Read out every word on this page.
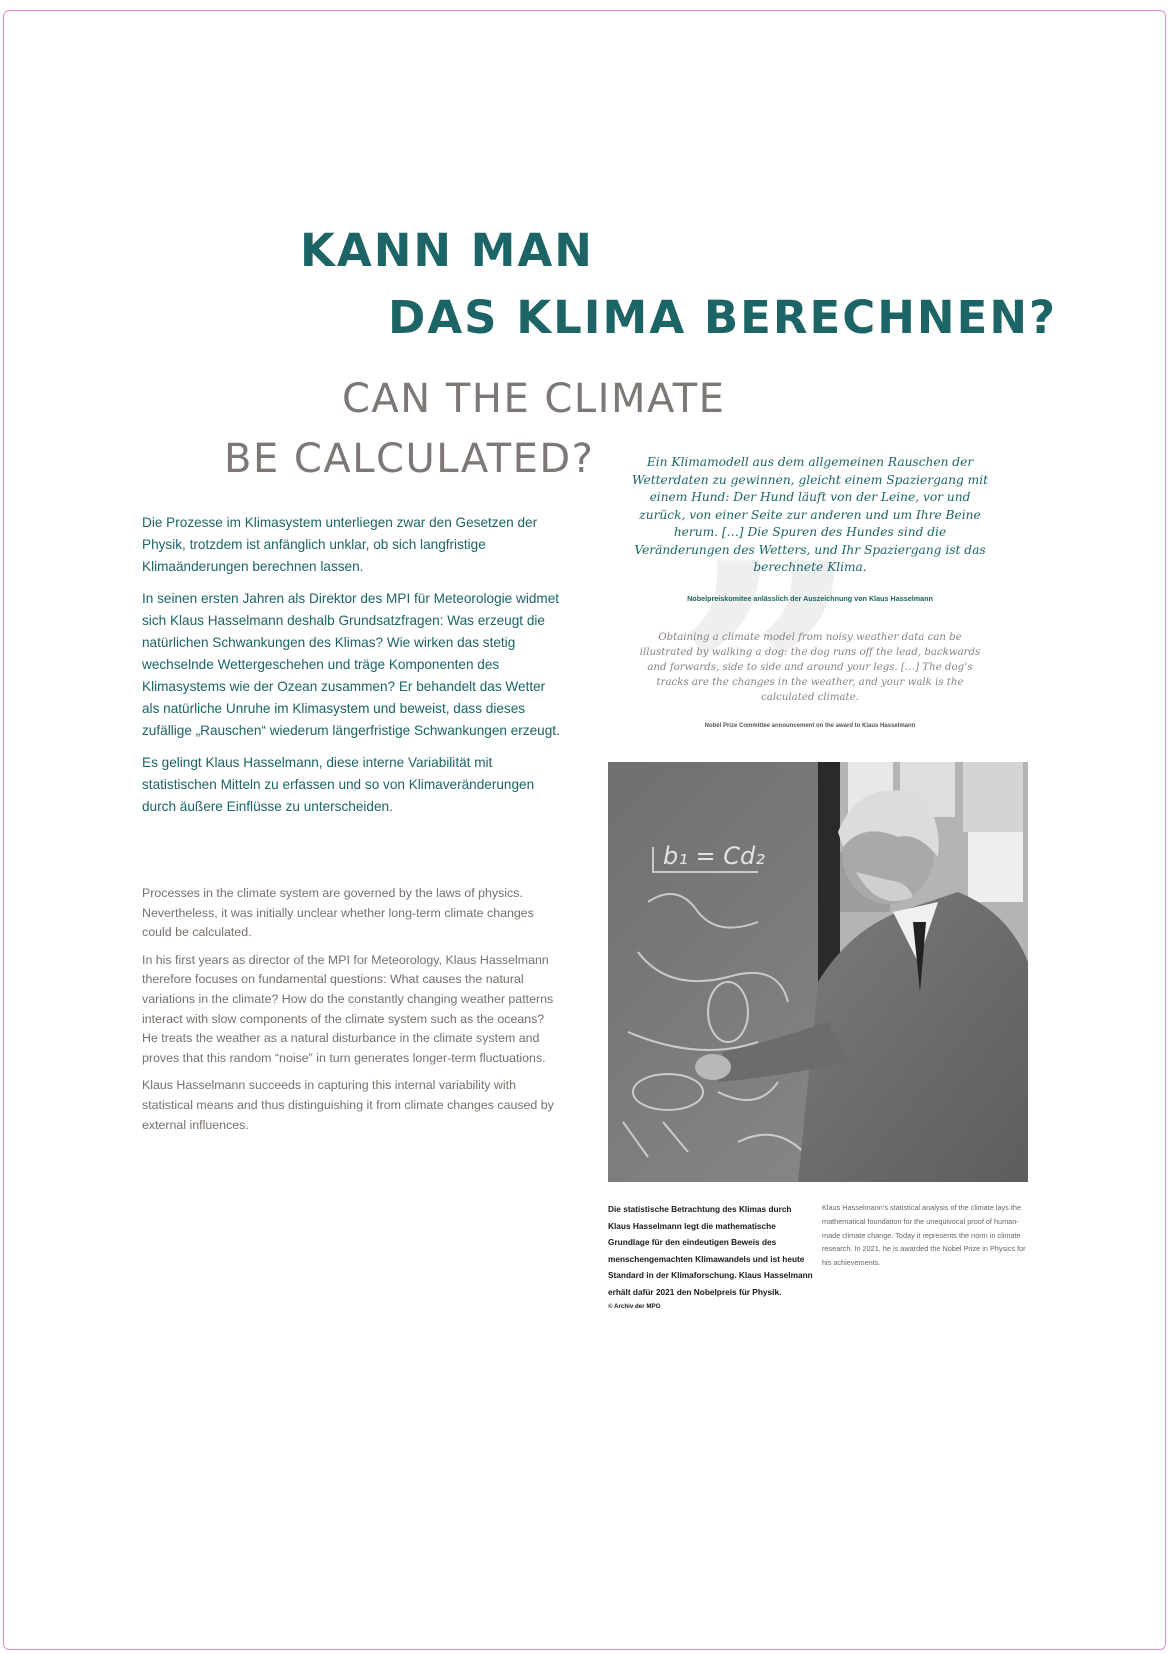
KANN MAN
DAS KLIMA BERECHNEN?
CAN THE CLIMATE
BE CALCULATED?

Die Prozesse im Klimasystem unterliegen zwar den Gesetzen der Physik, trotzdem ist anfänglich unklar, ob sich langfristige Klimaänderungen berechnen lassen.

In seinen ersten Jahren als Direktor des MPI für Meteorologie widmet sich Klaus Hasselmann deshalb Grundsatzfragen: Was erzeugt die natürlichen Schwankungen des Klimas? Wie wirken das stetig wechselnde Wettergeschehen und träge Komponenten des Klimasystems wie der Ozean zusammen? Er behandelt das Wetter als natürliche Unruhe im Klimasystem und beweist, dass dieses zufällige „Rauschen“ wiederum längerfristige Schwankungen erzeugt.

Es gelingt Klaus Hasselmann, diese interne Variabilität mit statistischen Mitteln zu erfassen und so von Klimaveränderungen durch äußere Einflüsse zu unterscheiden.

Processes in the climate system are governed by the laws of physics. Nevertheless, it was initially unclear whether long-term climate changes could be calculated.

In his first years as director of the MPI for Meteorology, Klaus Hasselmann therefore focuses on fundamental questions: What causes the natural variations in the climate? How do the constantly changing weather patterns interact with slow components of the climate system such as the oceans? He treats the weather as a natural disturbance in the climate system and proves that this random “noise” in turn generates longer-term fluctuations.

Klaus Hasselmann succeeds in capturing this internal variability with statistical means and thus distinguishing it from climate changes caused by external influences.

Ein Klimamodell aus dem allgemeinen Rauschen der Wetterdaten zu gewinnen, gleicht einem Spaziergang mit einem Hund: Der Hund läuft von der Leine, vor und zurück, von einer Seite zur anderen und um Ihre Beine herum. […] Die Spuren des Hundes sind die Veränderungen des Wetters, und Ihr Spaziergang ist das berechnete Klima.

Nobelpreiskomitee anlässlich der Auszeichnung von Klaus Hasselmann

Obtaining a climate model from noisy weather data can be illustrated by walking a dog: the dog runs off the lead, backwards and forwards, side to side and around your legs. […] The dog’s tracks are the changes in the weather, and your walk is the calculated climate.

Nobel Prize Committee announcement on the award to Klaus Hasselmann

b₁ = Cd₂

Die statistische Betrachtung des Klimas durch Klaus Hasselmann legt die mathematische Grundlage für den eindeutigen Beweis des menschengemachten Klimawandels und ist heute Standard in der Klimaforschung. Klaus Hasselmann erhält dafür 2021 den Nobelpreis für Physik.

© Archiv der MPG

Klaus Hasselmann’s statistical analysis of the climate lays the mathematical foundation for the unequivocal proof of human-made climate change. Today it represents the norm in climate research. In 2021, he is awarded the Nobel Prize in Physics for his achievements.
